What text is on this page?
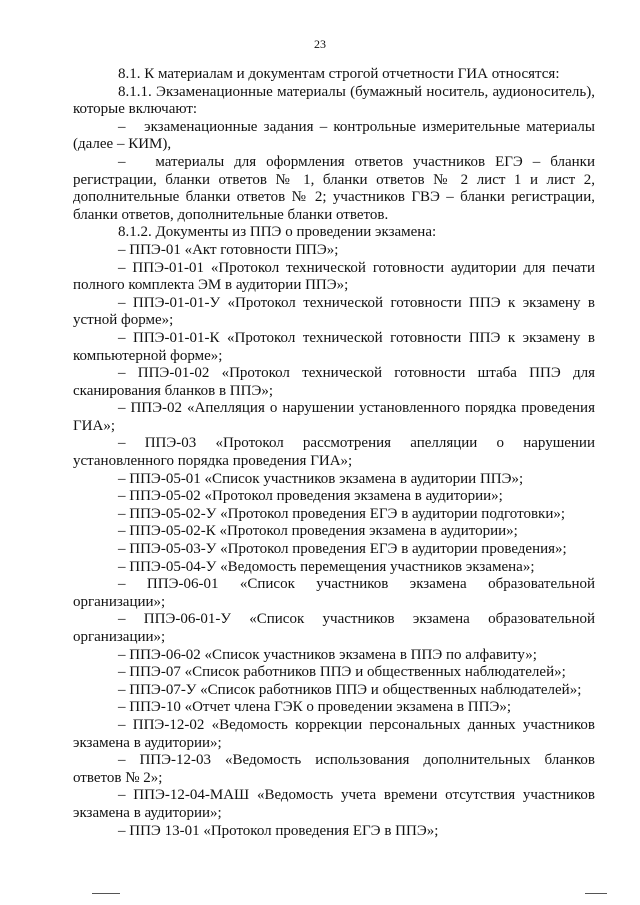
23

8.1. К материалам и документам строгой отчетности ГИА относятся:

8.1.1. Экзаменационные материалы (бумажный носитель, аудионоситель), которые включают:

–   экзаменационные задания – контрольные измерительные материалы (далее – КИМ),

–   материалы для оформления ответов участников ЕГЭ – бланки регистрации, бланки ответов № 1, бланки ответов № 2 лист 1 и лист 2, дополнительные бланки ответов № 2; участников ГВЭ – бланки регистрации, бланки ответов, дополнительные бланки ответов.

8.1.2. Документы из ППЭ о проведении экзамена:

– ППЭ-01 «Акт готовности ППЭ»;

– ППЭ-01-01 «Протокол технической готовности аудитории для печати полного комплекта ЭМ в аудитории ППЭ»;

– ППЭ-01-01-У «Протокол технической готовности ППЭ к экзамену в устной форме»;

– ППЭ-01-01-К «Протокол технической готовности ППЭ к экзамену в компьютерной форме»;

– ППЭ-01-02 «Протокол технической готовности штаба ППЭ для сканирования бланков в ППЭ»;

– ППЭ-02 «Апелляция о нарушении установленного порядка проведения ГИА»;

– ППЭ-03 «Протокол рассмотрения апелляции о нарушении установленного порядка проведения ГИА»;

– ППЭ-05-01 «Список участников экзамена в аудитории ППЭ»;

– ППЭ-05-02 «Протокол проведения экзамена в аудитории»;

– ППЭ-05-02-У «Протокол проведения ЕГЭ в аудитории подготовки»;

– ППЭ-05-02-К «Протокол проведения экзамена в аудитории»;

– ППЭ-05-03-У «Протокол проведения ЕГЭ в аудитории проведения»;

– ППЭ-05-04-У «Ведомость перемещения участников экзамена»;

– ППЭ-06-01 «Список участников экзамена образовательной организации»;

– ППЭ-06-01-У «Список участников экзамена образовательной организации»;

– ППЭ-06-02 «Список участников экзамена в ППЭ по алфавиту»;

– ППЭ-07 «Список работников ППЭ и общественных наблюдателей»;

– ППЭ-07-У «Список работников ППЭ и общественных наблюдателей»;

– ППЭ-10 «Отчет члена ГЭК о проведении экзамена в ППЭ»;

– ППЭ-12-02 «Ведомость коррекции персональных данных участников экзамена в аудитории»;

– ППЭ-12-03 «Ведомость использования дополнительных бланков ответов № 2»;

– ППЭ-12-04-МАШ «Ведомость учета времени отсутствия участников экзамена в аудитории»;

– ППЭ 13-01 «Протокол проведения ЕГЭ в ППЭ»;
